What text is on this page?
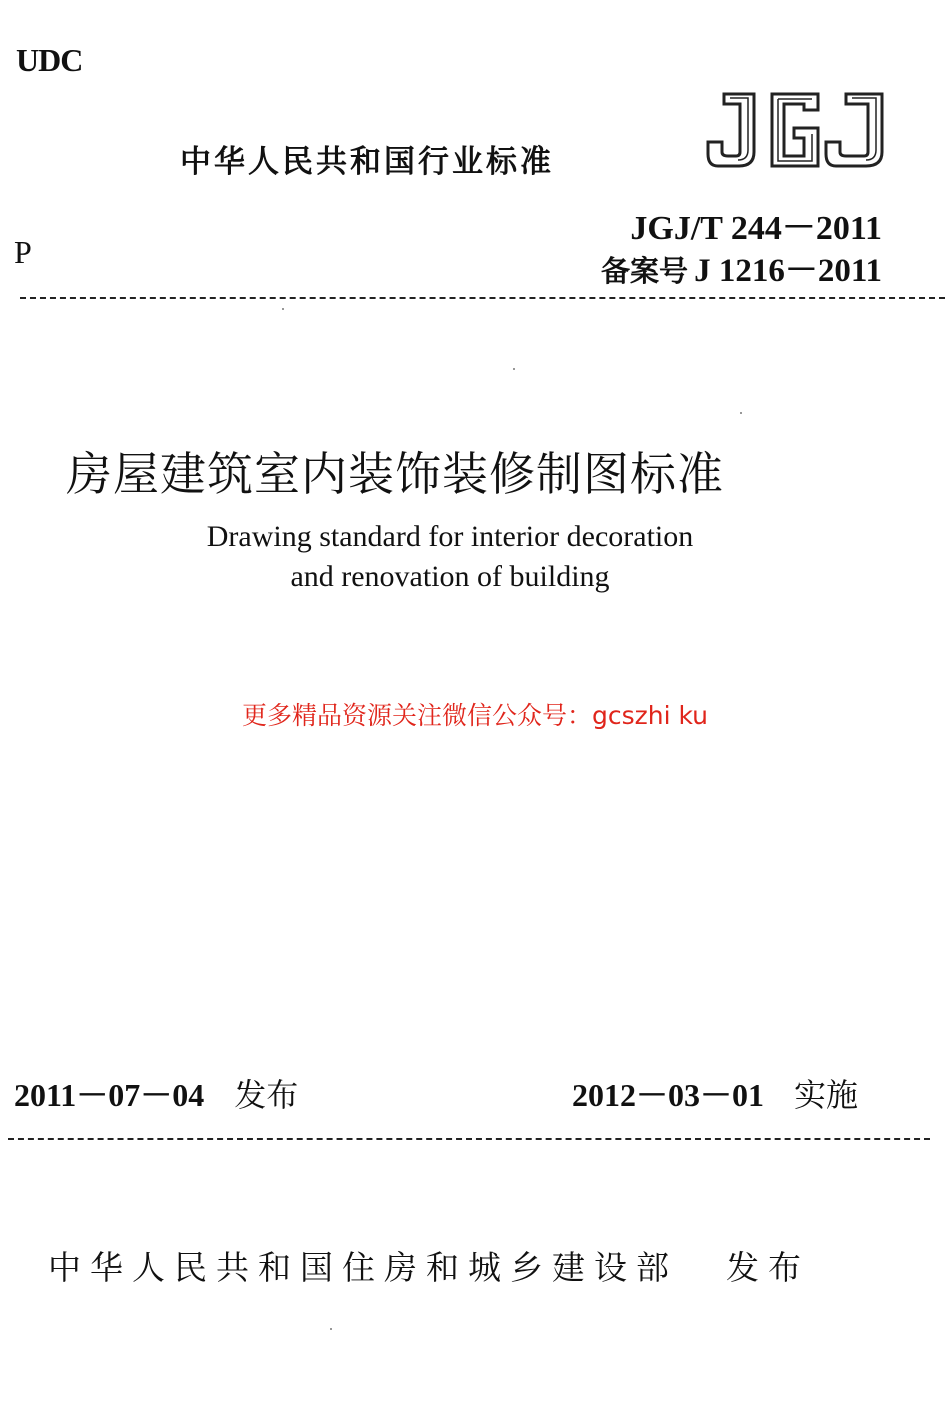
UDC
中华人民共和国行业标准
P
JGJ/T 244－2011
备案号 J 1216－2011
房屋建筑室内装饰装修制图标准
Drawing standard for interior decoration
and renovation of building
更多精品资源关注微信公众号：gcszhi ku
2011－07－04 发布	2012－03－01 实施
中华人民共和国住房和城乡建设部 发布
